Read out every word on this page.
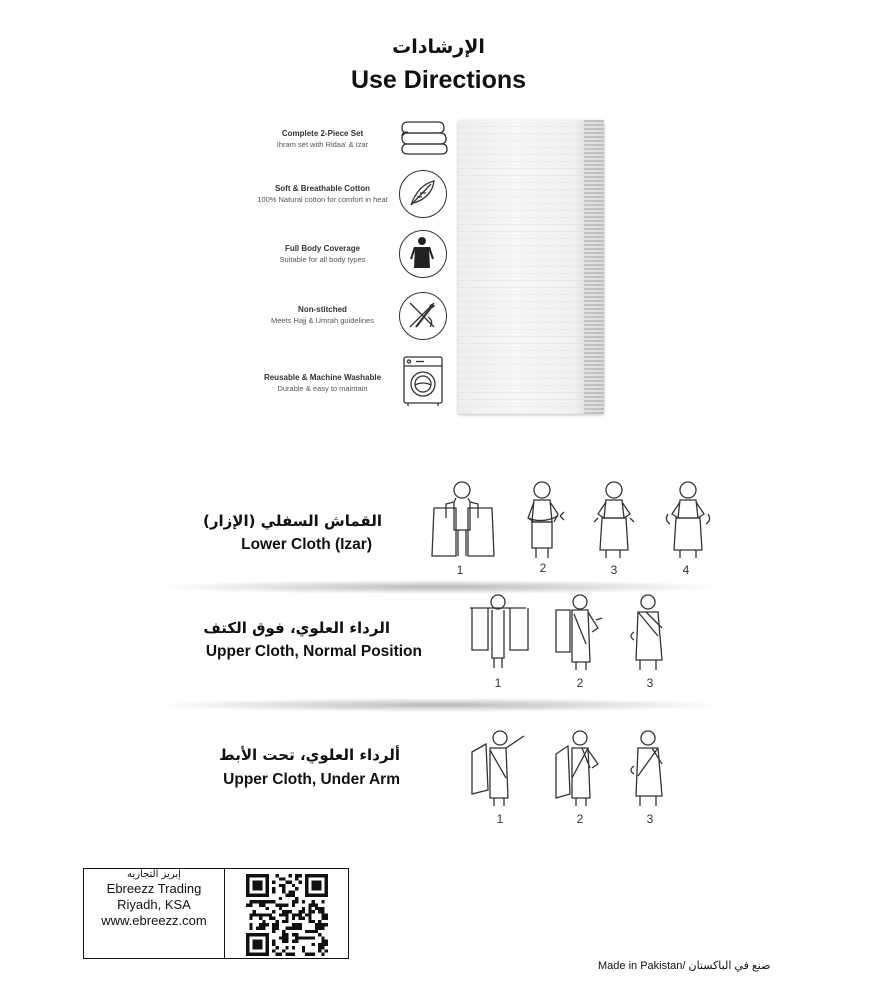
الإرشادات
Use Directions
Complete 2-Piece Set
Ihram set with Ridaa' & Izar
Soft & Breathable Cotton
100% Natural cotton for comfort in heat
Full Body Coverage
Suitable for all body types
Non-stitched
Meets Hajj & Umrah guidelines
Reusable & Machine Washable
Durable & easy to maintain
القماش السفلي (الإزار)
Lower Cloth (Izar)
1	2	3	4
الرداء العلوي، فوق الكتف
Upper Cloth, Normal Position
1	2	3
ألرداء العلوي، تحت الأبط
Upper Cloth, Under Arm
1	2	3
إبريز التجاريه
Ebreezz Trading
Riyadh, KSA
www.ebreezz.com
Made in Pakistan/ صنع في الباكستان
